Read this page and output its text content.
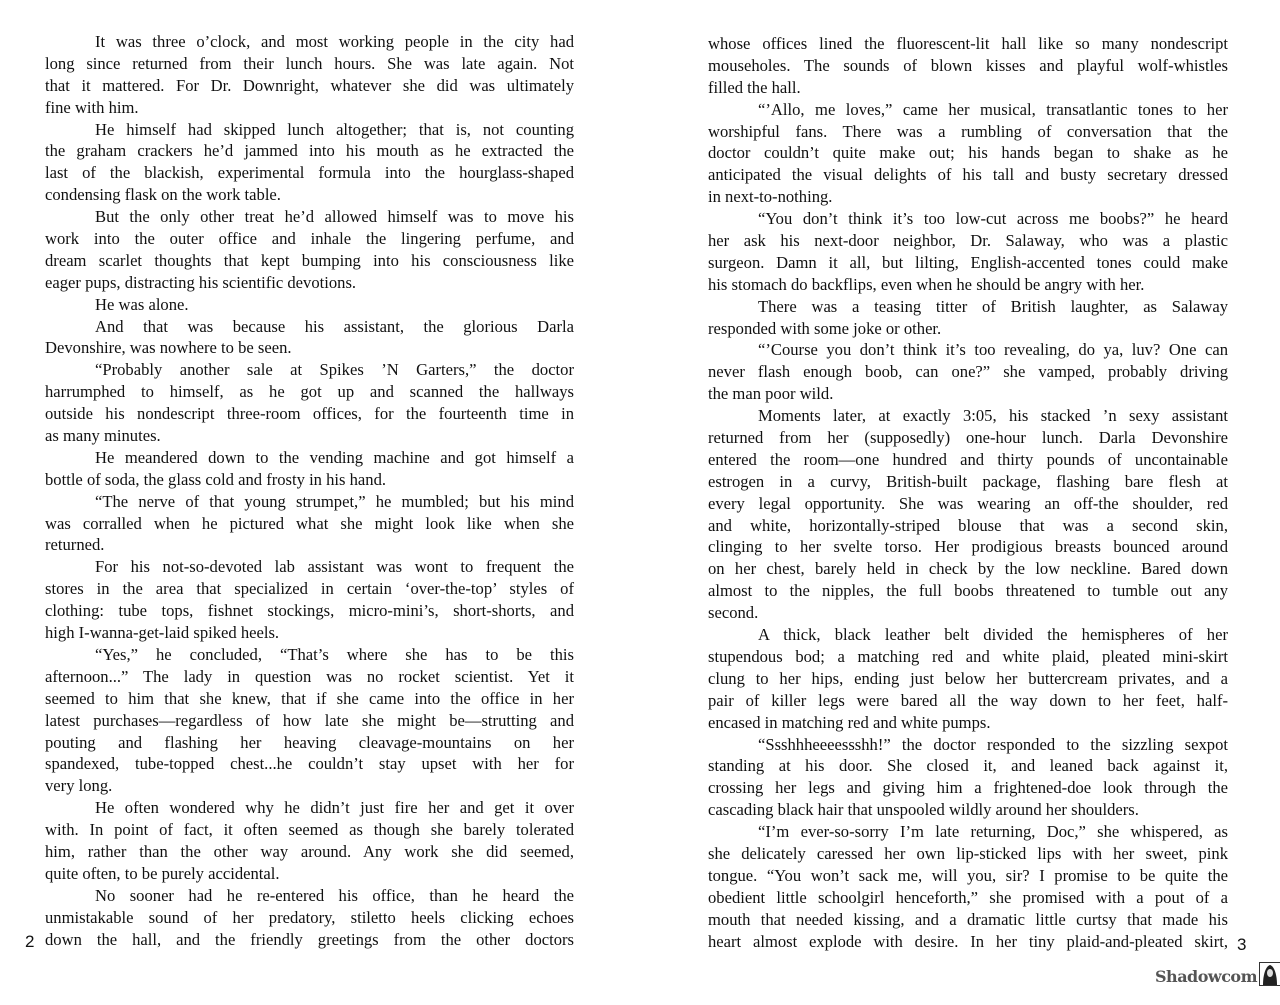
It was three o’clock, and most working people in the city had
long since returned from their lunch hours. She was late again. Not
that it mattered. For Dr. Downright, whatever she did was ultimately
fine with him.
He himself had skipped lunch altogether; that is, not counting
the graham crackers he’d jammed into his mouth as he extracted the
last of the blackish, experimental formula into the hourglass-shaped
condensing flask on the work table.
But the only other treat he’d allowed himself was to move his
work into the outer office and inhale the lingering perfume, and
dream scarlet thoughts that kept bumping into his consciousness like
eager pups, distracting his scientific devotions.
He was alone.
And that was because his assistant, the glorious Darla
Devonshire, was nowhere to be seen.
“Probably another sale at Spikes ’N Garters,” the doctor
harrumphed to himself, as he got up and scanned the hallways
outside his nondescript three-room offices, for the fourteenth time in
as many minutes.
He meandered down to the vending machine and got himself a
bottle of soda, the glass cold and frosty in his hand.
“The nerve of that young strumpet,” he mumbled; but his mind
was corralled when he pictured what she might look like when she
returned.
For his not-so-devoted lab assistant was wont to frequent the
stores in the area that specialized in certain ‘over-the-top’ styles of
clothing: tube tops, fishnet stockings, micro-mini’s, short-shorts, and
high I-wanna-get-laid spiked heels.
“Yes,” he concluded, “That’s where she has to be this
afternoon...” The lady in question was no rocket scientist. Yet it
seemed to him that she knew, that if she came into the office in her
latest purchases—regardless of how late she might be—strutting and
pouting and flashing her heaving cleavage-mountains on her
spandexed, tube-topped chest...he couldn’t stay upset with her for
very long.
He often wondered why he didn’t just fire her and get it over
with. In point of fact, it often seemed as though she barely tolerated
him, rather than the other way around. Any work she did seemed,
quite often, to be purely accidental.
No sooner had he re-entered his office, than he heard the
unmistakable sound of her predatory, stiletto heels clicking echoes
down the hall, and the friendly greetings from the other doctors
whose offices lined the fluorescent-lit hall like so many nondescript
mouseholes. The sounds of blown kisses and playful wolf-whistles
filled the hall.
“’Allo, me loves,” came her musical, transatlantic tones to her
worshipful fans. There was a rumbling of conversation that the
doctor couldn’t quite make out; his hands began to shake as he
anticipated the visual delights of his tall and busty secretary dressed
in next-to-nothing.
“You don’t think it’s too low-cut across me boobs?” he heard
her ask his next-door neighbor, Dr. Salaway, who was a plastic
surgeon. Damn it all, but lilting, English-accented tones could make
his stomach do backflips, even when he should be angry with her.
There was a teasing titter of British laughter, as Salaway
responded with some joke or other.
“’Course you don’t think it’s too revealing, do ya, luv? One can
never flash enough boob, can one?” she vamped, probably driving
the man poor wild.
Moments later, at exactly 3:05, his stacked ’n sexy assistant
returned from her (supposedly) one-hour lunch. Darla Devonshire
entered the room—one hundred and thirty pounds of uncontainable
estrogen in a curvy, British-built package, flashing bare flesh at
every legal opportunity. She was wearing an off-the shoulder, red
and white, horizontally-striped blouse that was a second skin,
clinging to her svelte torso. Her prodigious breasts bounced around
on her chest, barely held in check by the low neckline. Bared down
almost to the nipples, the full boobs threatened to tumble out any
second.
A thick, black leather belt divided the hemispheres of her
stupendous bod; a matching red and white plaid, pleated mini-skirt
clung to her hips, ending just below her buttercream privates, and a
pair of killer legs were bared all the way down to her feet, half-
encased in matching red and white pumps.
“Ssshhheeeessshh!” the doctor responded to the sizzling sexpot
standing at his door. She closed it, and leaned back against it,
crossing her legs and giving him a frightened-doe look through the
cascading black hair that unspooled wildly around her shoulders.
“I’m ever-so-sorry I’m late returning, Doc,” she whispered, as
she delicately caressed her own lip-sticked lips with her sweet, pink
tongue. “You won’t sack me, will you, sir? I promise to be quite the
obedient little schoolgirl henceforth,” she promised with a pout of a
mouth that needed kissing, and a dramatic little curtsy that made his
heart almost explode with desire. In her tiny plaid-and-pleated skirt,
2	3
Shadowcom
